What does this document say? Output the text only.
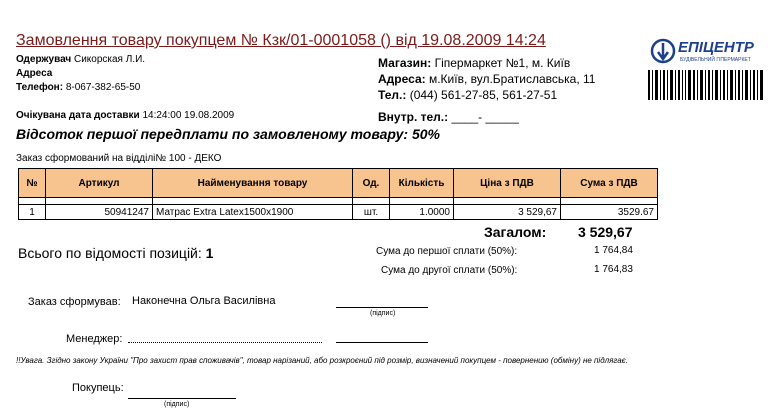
Замовлення товару покупцем № Кзк/01-0001058 () від 19.08.2009 14:24
Одержувач Сикорская Л.И.
Адреса
Телефон: 8-067-382-65-50
Очікувана дата доставки 14:24:00 19.08.2009
Магазин: Гіпермаркет №1, м. Київ
Адреса: м.Київ, вул.Братиславська, 11
Тел.: (044) 561-27-85, 561-27-51
Внутр. тел.: ____- _____
ЕПІЦЕНТР
БУДІВЕЛЬНИЙ ГІПЕРМАРКЕТ
Відсоток першої передплати по замовленому товару: 50%
Заказ сформований на відділі№ 100 - ДЕКО
№	Артикул	Найменування товару	Од.	Кількість	Ціна з ПДВ	Сума з ПДВ

1	50941247	Матрас Extra Latex1500x1900	шт.	1.0000	3 529,67	3529.67
Загалом: 3 529,67
Всього по відомості позицій: 1	Сума до першої сплати (50%):	1 764,84
Сума до другої сплати (50%):	1 764,83
Заказ сформував: Наконечна Ольга Василівна
(підпис)
Менеджер:
!!Увага. Згідно закону України "Про захист прав споживачів", товар нарізаний, або розкроєний під розмір, визначений покупцем - повернению (обміну) не підлягає.
Покупець:
(підпис)
